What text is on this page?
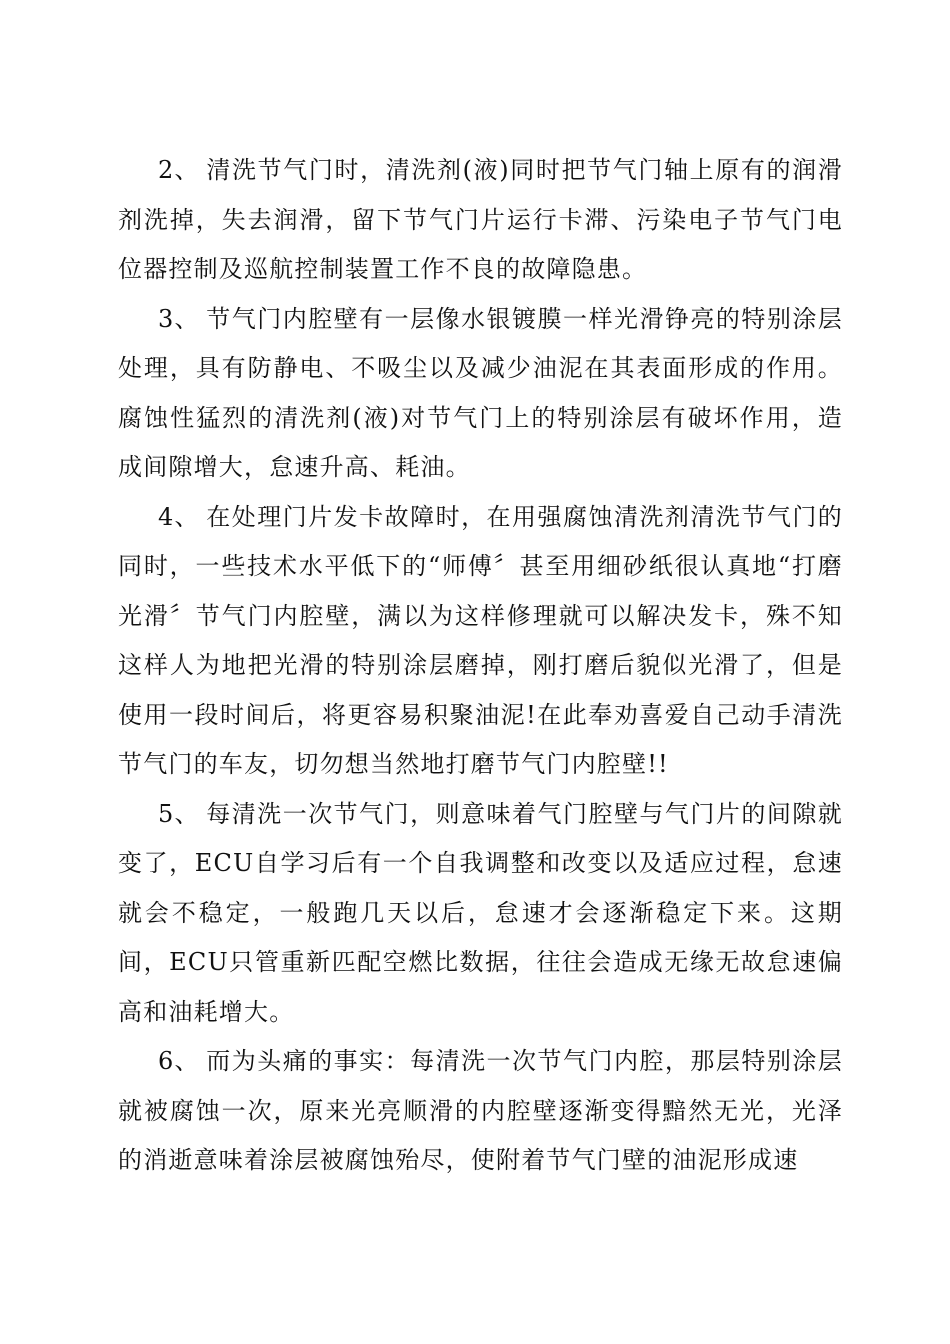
2、 清洗节气门时，清洗剂(液)同时把节气门轴上原有的润滑剂洗掉，失去润滑，留下节气门片运行卡滞、污染电子节气门电位器控制及巡航控制装置工作不良的故障隐患。

3、 节气门内腔壁有一层像水银镀膜一样光滑铮亮的特别涂层处理，具有防静电、不吸尘以及减少油泥在其表面形成的作用。腐蚀性猛烈的清洗剂(液)对节气门上的特别涂层有破坏作用，造成间隙增大，怠速升高、耗油。

4、 在处理门片发卡故障时，在用强腐蚀清洗剂清洗节气门的同时，一些技术水平低下的“师傅〞甚至用细砂纸很认真地“打磨光滑〞节气门内腔壁，满以为这样修理就可以解决发卡，殊不知这样人为地把光滑的特别涂层磨掉，刚打磨后貌似光滑了，但是使用一段时间后，将更容易积聚油泥!在此奉劝喜爱自己动手清洗节气门的车友，切勿想当然地打磨节气门内腔壁!!

5、 每清洗一次节气门，则意味着气门腔壁与气门片的间隙就变了，ECU自学习后有一个自我调整和改变以及适应过程，怠速就会不稳定，一般跑几天以后，怠速才会逐渐稳定下来。这期间，ECU只管重新匹配空燃比数据，往往会造成无缘无故怠速偏高和油耗增大。

6、 而为头痛的事实：每清洗一次节气门内腔，那层特别涂层就被腐蚀一次，原来光亮顺滑的内腔壁逐渐变得黯然无光，光泽的消逝意味着涂层被腐蚀殆尽，使附着节气门壁的油泥形成速
